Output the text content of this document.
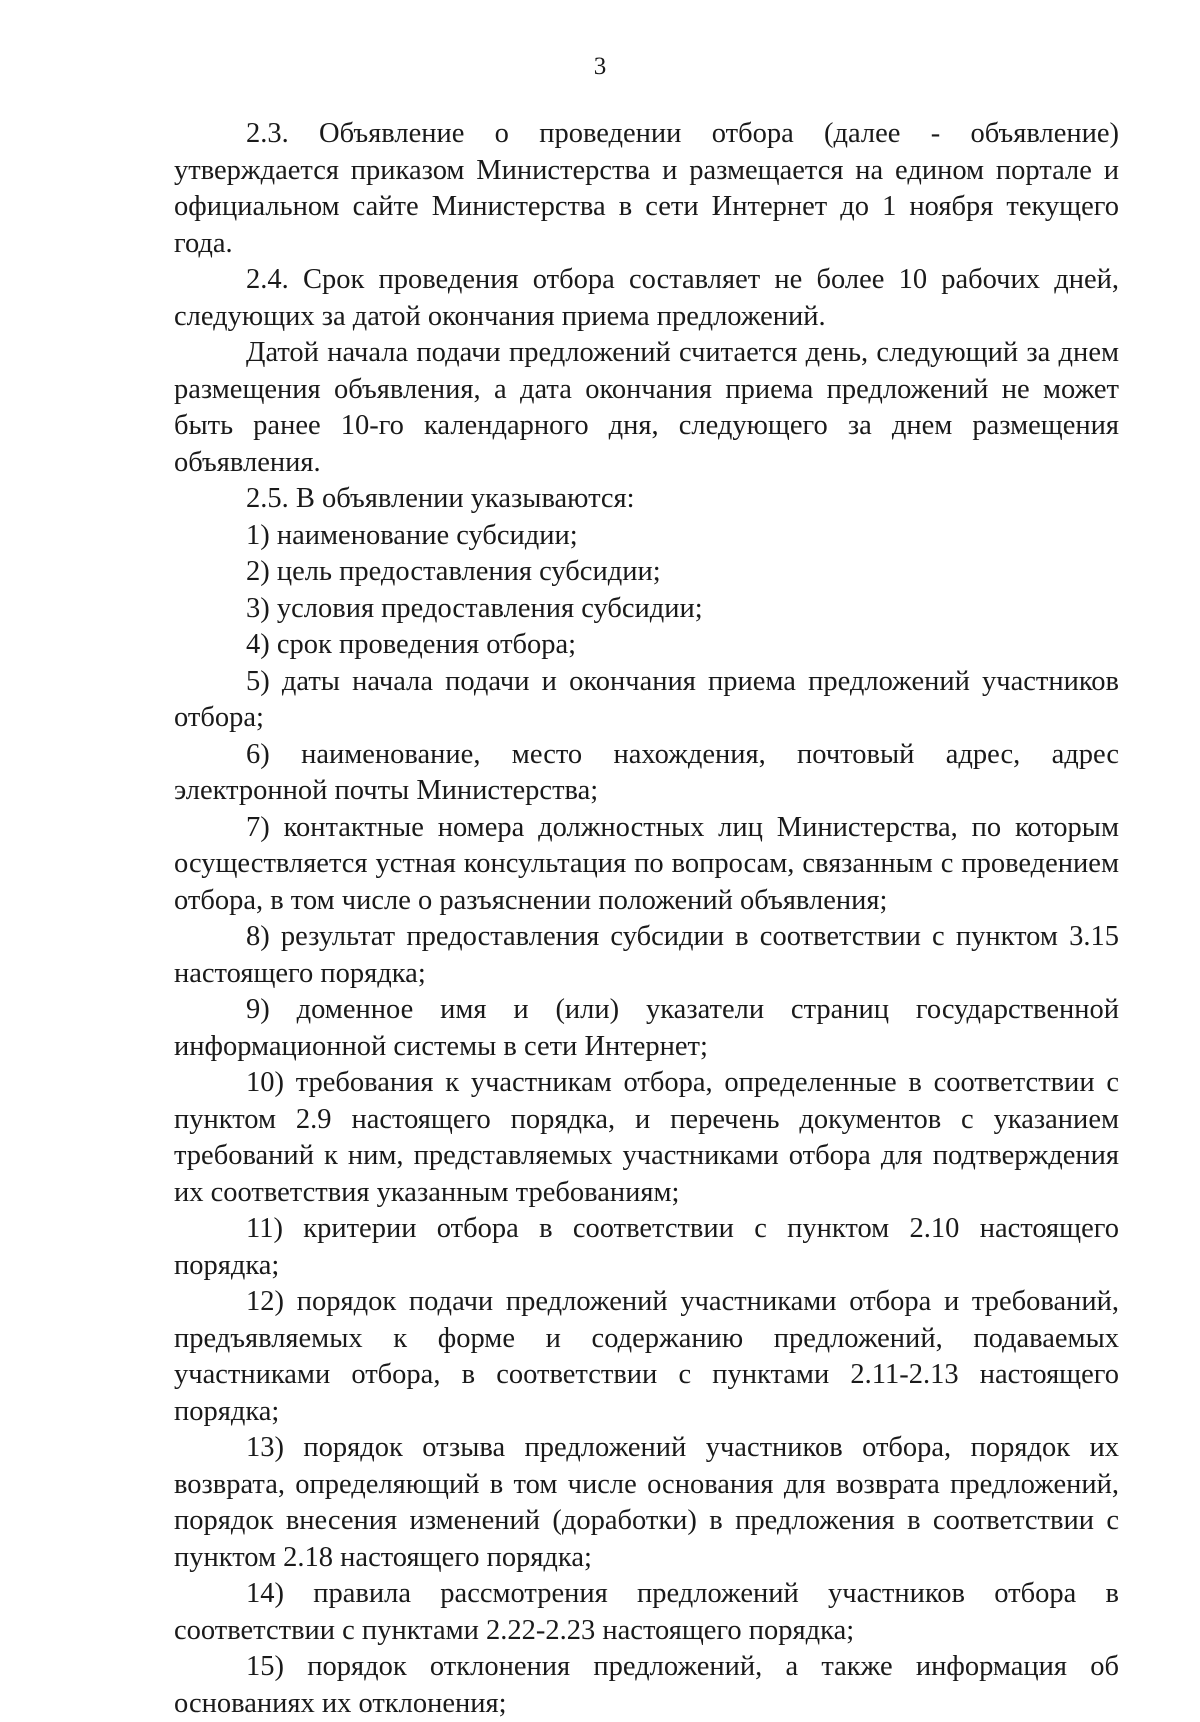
3

2.3. Объявление о проведении отбора (далее - объявление) утверждается приказом Министерства и размещается на едином портале и официальном сайте Министерства в сети Интернет до 1 ноября текущего года.

2.4. Срок проведения отбора составляет не более 10 рабочих дней, следующих за датой окончания приема предложений.

Датой начала подачи предложений считается день, следующий за днем размещения объявления, а дата окончания приема предложений не может быть ранее 10-го календарного дня, следующего за днем размещения объявления.

2.5. В объявлении указываются:

1) наименование субсидии;

2) цель предоставления субсидии;

3) условия предоставления субсидии;

4) срок проведения отбора;

5) даты начала подачи и окончания приема предложений участников отбора;

6) наименование, место нахождения, почтовый адрес, адрес электронной почты Министерства;

7) контактные номера должностных лиц Министерства, по которым осуществляется устная консультация по вопросам, связанным с проведением отбора, в том числе о разъяснении положений объявления;

8) результат предоставления субсидии в соответствии с пунктом 3.15 настоящего порядка;

9) доменное имя и (или) указатели страниц государственной информационной системы в сети Интернет;

10) требования к участникам отбора, определенные в соответствии с пунктом 2.9 настоящего порядка, и перечень документов с указанием требований к ним, представляемых участниками отбора для подтверждения их соответствия указанным требованиям;

11) критерии отбора в соответствии с пунктом 2.10 настоящего порядка;

12) порядок подачи предложений участниками отбора и требований, предъявляемых к форме и содержанию предложений, подаваемых участниками отбора, в соответствии с пунктами 2.11-2.13 настоящего порядка;

13) порядок отзыва предложений участников отбора, порядок их возврата, определяющий в том числе основания для возврата предложений, порядок внесения изменений (доработки) в предложения в соответствии с пунктом 2.18 настоящего порядка;

14) правила рассмотрения предложений участников отбора в соответствии с пунктами 2.22-2.23 настоящего порядка;

15) порядок отклонения предложений, а также информация об основаниях их отклонения;
